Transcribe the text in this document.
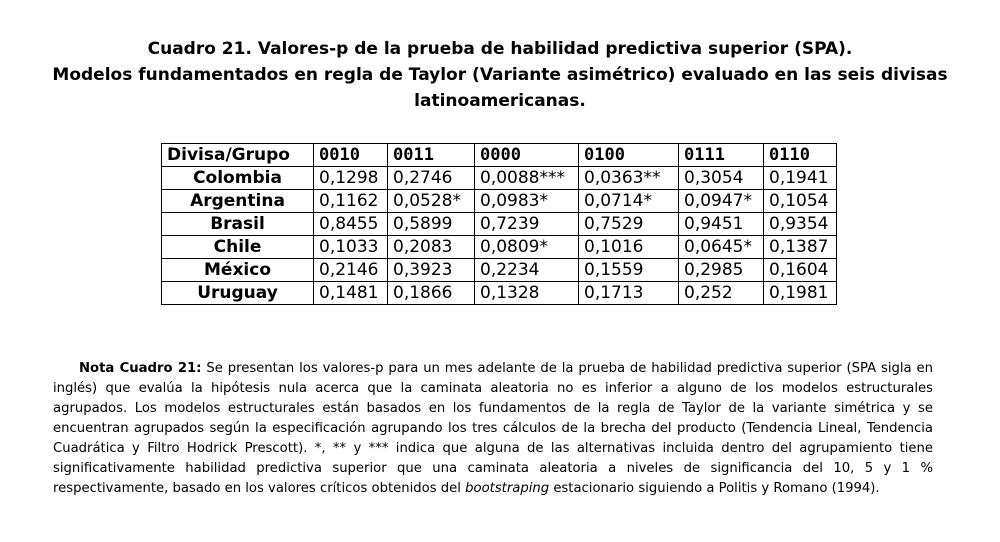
Cuadro 21. Valores-p de la prueba de habilidad predictiva superior (SPA).
Modelos fundamentados en regla de Taylor (Variante asimétrico) evaluado en las seis divisas
latinoamericanas.
Divisa/Grupo	0010	0011	0000	0100	0111	0110
Colombia	0,1298	0,2746	0,0088***	0,0363**	0,3054	0,1941
Argentina	0,1162	0,0528*	0,0983*	0,0714*	0,0947*	0,1054
Brasil	0,8455	0,5899	0,7239	0,7529	0,9451	0,9354
Chile	0,1033	0,2083	0,0809*	0,1016	0,0645*	0,1387
México	0,2146	0,3923	0,2234	0,1559	0,2985	0,1604
Uruguay	0,1481	0,1866	0,1328	0,1713	0,252	0,1981

Nota Cuadro 21: Se presentan los valores-p para un mes adelante de la prueba de habilidad predictiva superior (SPA sigla en inglés) que evalúa la hipótesis nula acerca que la caminata aleatoria no es inferior a alguno de los modelos estructurales agrupados. Los modelos estructurales están basados en los fundamentos de la regla de Taylor de la variante simétrica y se encuentran agrupados según la especificación agrupando los tres cálculos de la brecha del producto (Tendencia Lineal, Tendencia Cuadrática y Filtro Hodrick Prescott). *, ** y *** indica que alguna de las alternativas incluida dentro del agrupamiento tiene significativamente habilidad predictiva superior que una caminata aleatoria a niveles de significancia del 10, 5 y 1 % respectivamente, basado en los valores críticos obtenidos del bootstraping estacionario siguiendo a Politis y Romano (1994).
